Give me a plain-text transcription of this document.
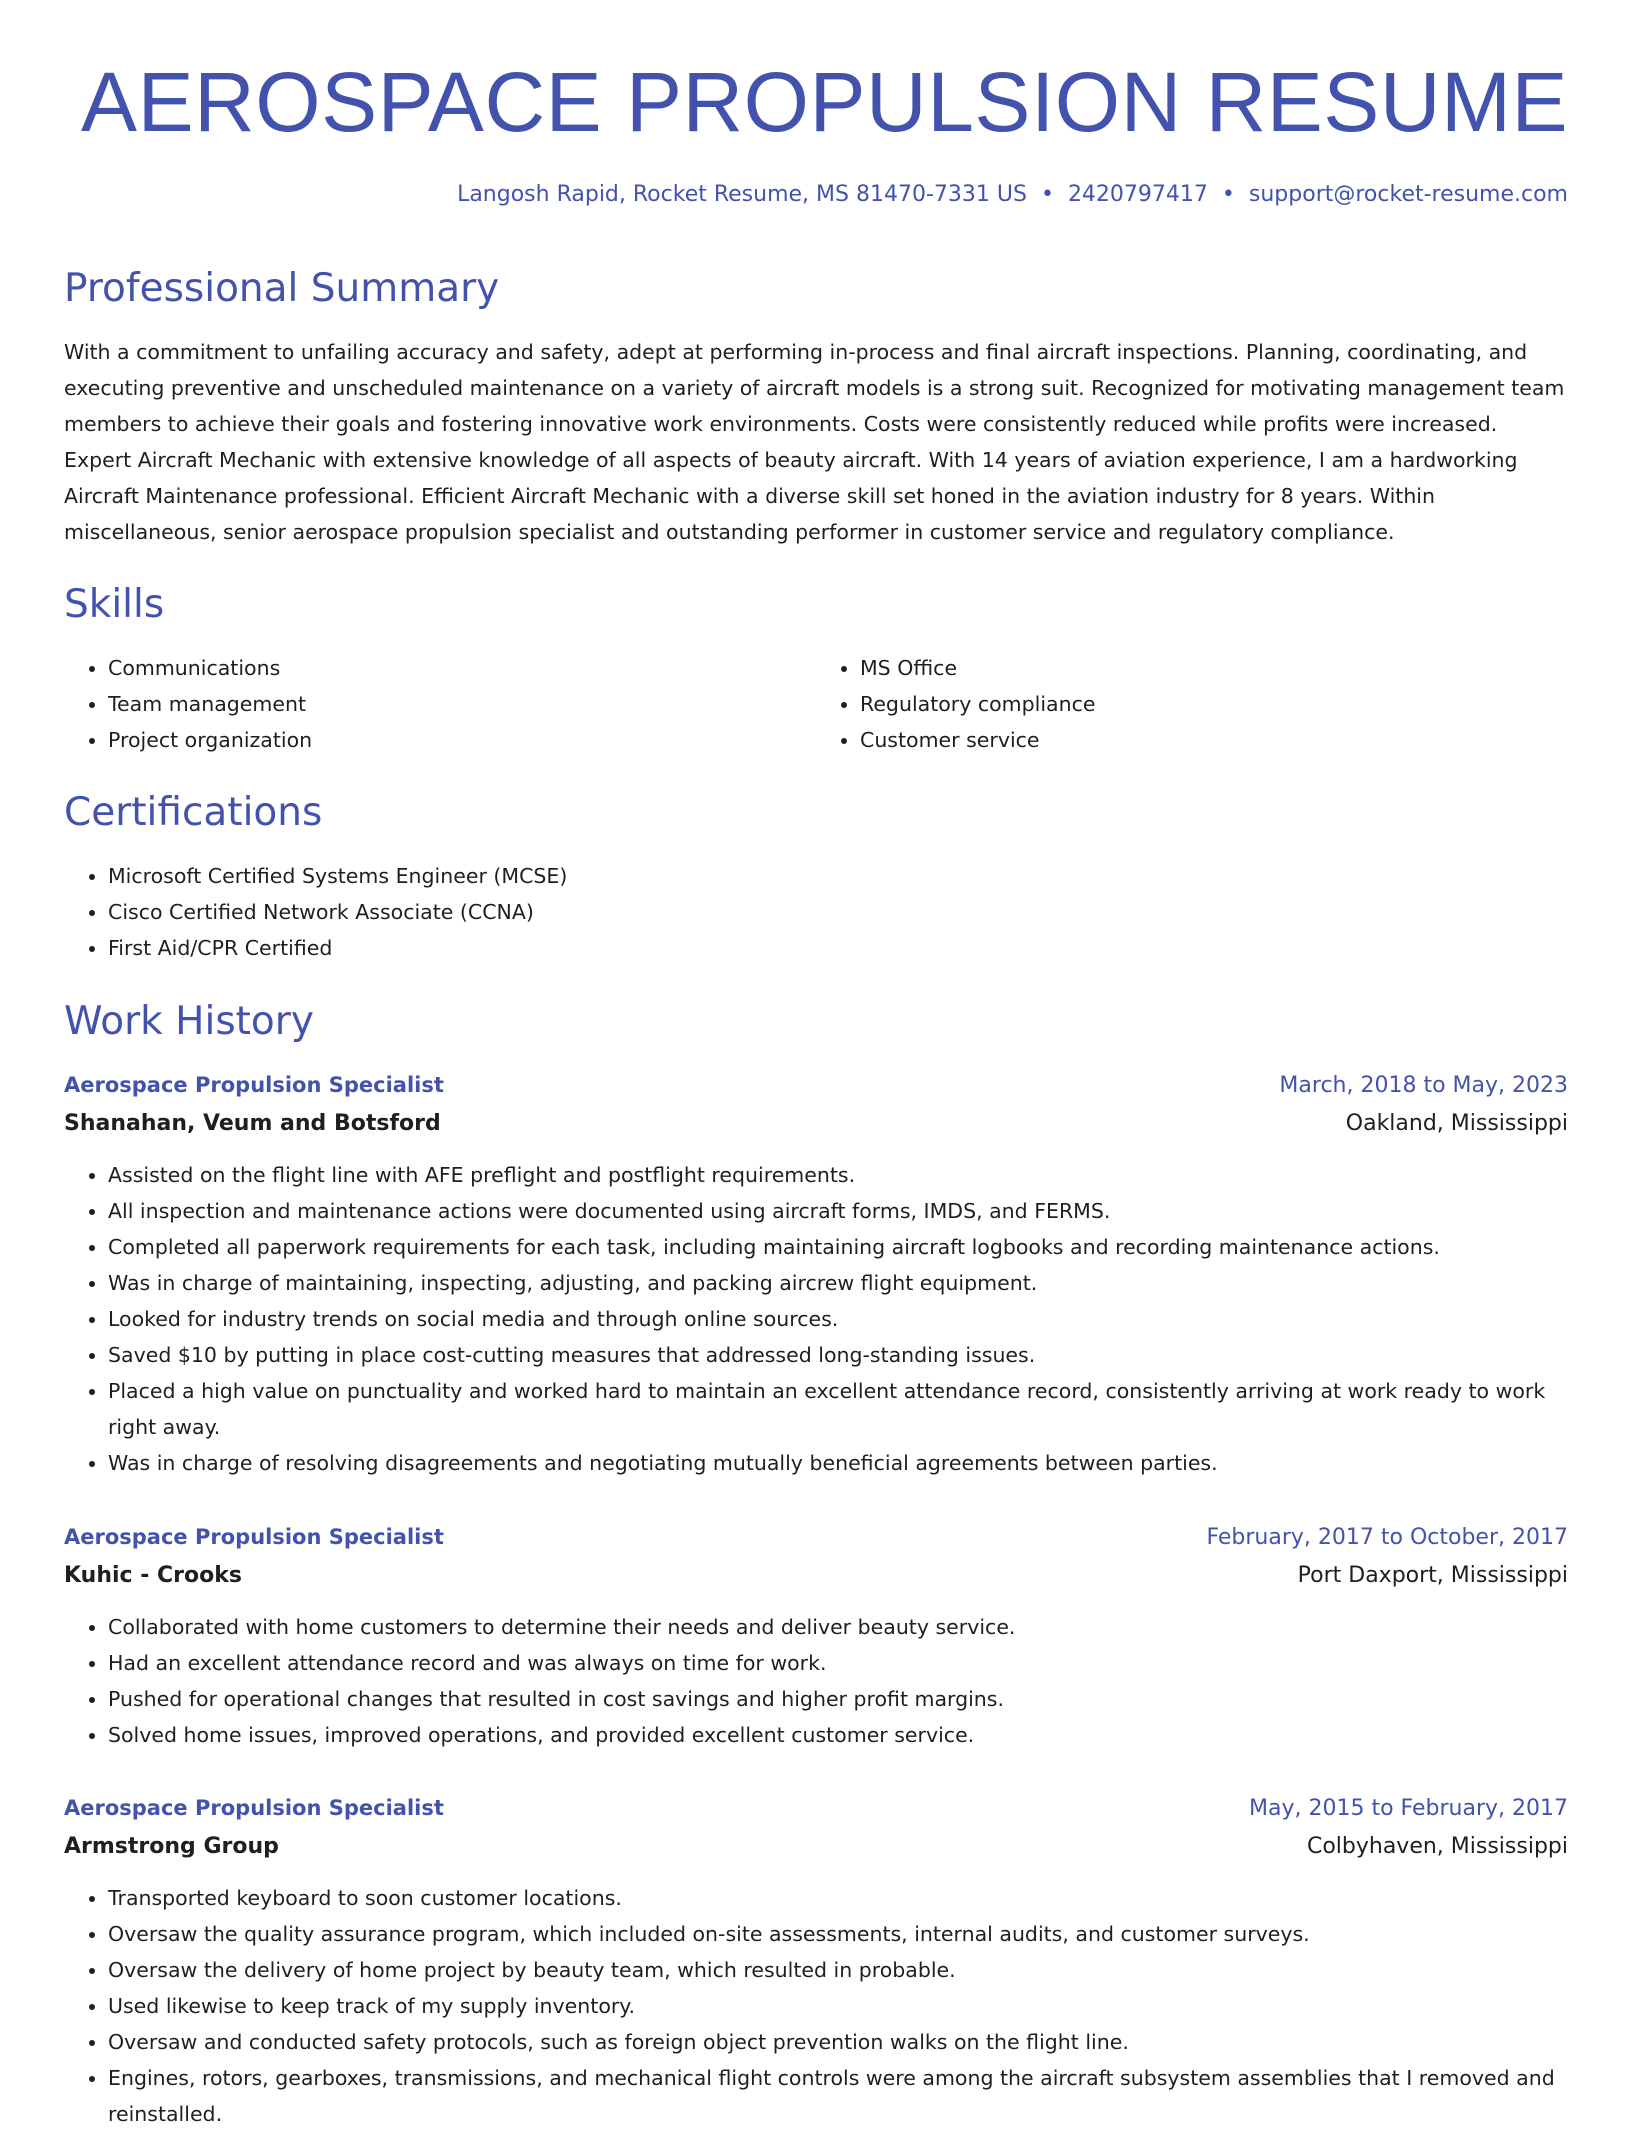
AEROSPACE PROPULSION RESUME
Langosh Rapid, Rocket Resume, MS 81470-7331 US • 2420797417 • support@rocket-resume.com
Professional Summary

With a commitment to unfailing accuracy and safety, adept at performing in-process and final aircraft inspections. Planning, coordinating, and executing preventive and unscheduled maintenance on a variety of aircraft models is a strong suit. Recognized for motivating management team members to achieve their goals and fostering innovative work environments. Costs were consistently reduced while profits were increased. Expert Aircraft Mechanic with extensive knowledge of all aspects of beauty aircraft. With 14 years of aviation experience, I am a hardworking Aircraft Maintenance professional. Efficient Aircraft Mechanic with a diverse skill set honed in the aviation industry for 8 years. Within miscellaneous, senior aerospace propulsion specialist and outstanding performer in customer service and regulatory compliance.

Skills
• Communications
• Team management
• Project organization
• MS Office
• Regulatory compliance
• Customer service
Certifications
• Microsoft Certified Systems Engineer (MCSE)
• Cisco Certified Network Associate (CCNA)
• First Aid/CPR Certified
Work History
Aerospace Propulsion Specialist	March, 2018 to May, 2023
Shanahan, Veum and Botsford	Oakland, Mississippi
• Assisted on the flight line with AFE preflight and postflight requirements.
• All inspection and maintenance actions were documented using aircraft forms, IMDS, and FERMS.
• Completed all paperwork requirements for each task, including maintaining aircraft logbooks and recording maintenance actions.
• Was in charge of maintaining, inspecting, adjusting, and packing aircrew flight equipment.
• Looked for industry trends on social media and through online sources.
• Saved $10 by putting in place cost-cutting measures that addressed long-standing issues.
• Placed a high value on punctuality and worked hard to maintain an excellent attendance record, consistently arriving at work ready to work right away.
• Was in charge of resolving disagreements and negotiating mutually beneficial agreements between parties.
Aerospace Propulsion Specialist	February, 2017 to October, 2017
Kuhic - Crooks	Port Daxport, Mississippi
• Collaborated with home customers to determine their needs and deliver beauty service.
• Had an excellent attendance record and was always on time for work.
• Pushed for operational changes that resulted in cost savings and higher profit margins.
• Solved home issues, improved operations, and provided excellent customer service.
Aerospace Propulsion Specialist	May, 2015 to February, 2017
Armstrong Group	Colbyhaven, Mississippi
• Transported keyboard to soon customer locations.
• Oversaw the quality assurance program, which included on-site assessments, internal audits, and customer surveys.
• Oversaw the delivery of home project by beauty team, which resulted in probable.
• Used likewise to keep track of my supply inventory.
• Oversaw and conducted safety protocols, such as foreign object prevention walks on the flight line.
• Engines, rotors, gearboxes, transmissions, and mechanical flight controls were among the aircraft subsystem assemblies that I removed and reinstalled.
